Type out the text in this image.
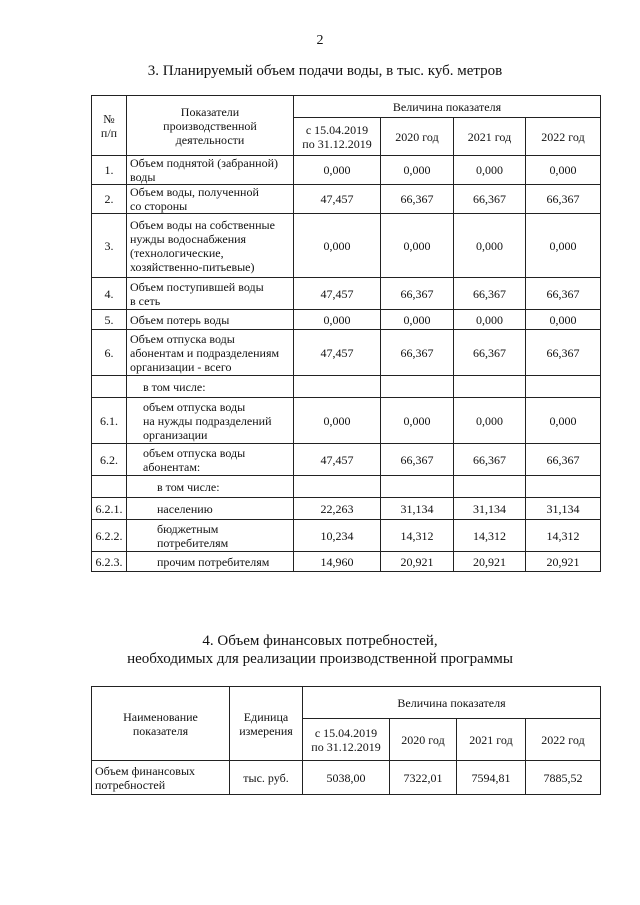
2
3. Планируемый объем подачи воды, в тыс. куб. метров
№
п/п	Показатели
производственной
деятельности	Величина показателя			
		с 15.04.2019
по 31.12.2019	2020 год	2021 год	2022 год
1.	Объем поднятой (забранной)
воды	0,000	0,000	0,000	0,000
2.	Объем воды, полученной
со стороны	47,457	66,367	66,367	66,367
3.	Объем воды на собственные
нужды водоснабжения
(технологические,
хозяйственно-питьевые)	0,000	0,000	0,000	0,000
4.	Объем поступившей воды
в сеть	47,457	66,367	66,367	66,367
5.	Объем потерь воды	0,000	0,000	0,000	0,000
6.	Объем отпуска воды
абонентам и подразделениям
организации - всего	47,457	66,367	66,367	66,367
	в том числе:				
6.1.	объем отпуска воды
на нужды подразделений
организации	0,000	0,000	0,000	0,000
6.2.	объем отпуска воды
абонентам:	47,457	66,367	66,367	66,367
	в том числе:				
6.2.1.	населению	22,263	31,134	31,134	31,134
6.2.2.	бюджетным
потребителям	10,234	14,312	14,312	14,312
6.2.3.	прочим потребителям	14,960	20,921	20,921	20,921
4. Объем финансовых потребностей,
необходимых для реализации производственной программы
Наименование
показателя	Единица
измерения	Величина показателя			
		с 15.04.2019
по 31.12.2019	2020 год	2021 год	2022 год
Объем финансовых
потребностей	тыс. руб.	5038,00	7322,01	7594,81	7885,52
